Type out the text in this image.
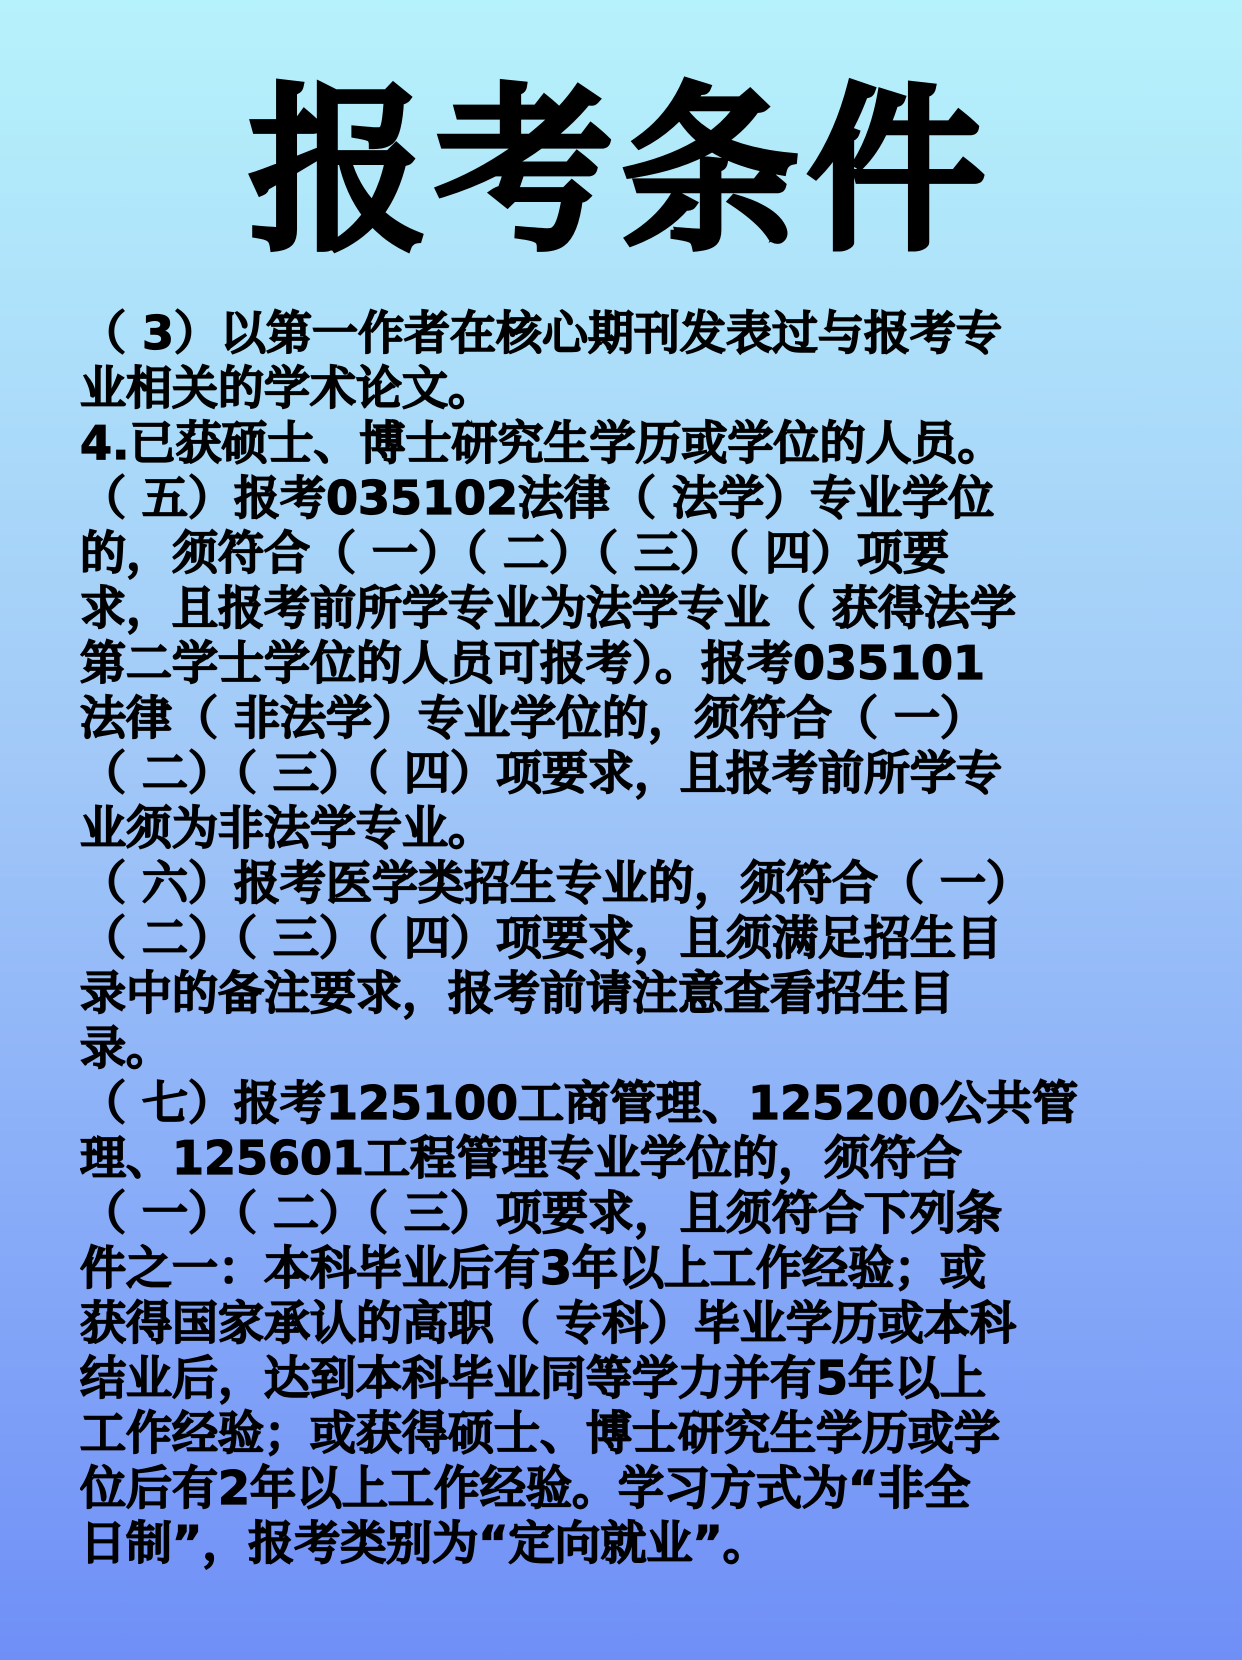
报考条件
（ 3）以第一作者在核心期刊发表过与报考专
业相关的学术论文。
4.已获硕士、博士研究生学历或学位的人员。
（ 五）报考035102法律（ 法学）专业学位
的，须符合（ 一）（ 二）（ 三）（ 四）项要
求，且报考前所学专业为法学专业（ 获得法学
第二学士学位的人员可报考）。报考035101
法律（ 非法学）专业学位的，须符合（ 一）
（ 二）（ 三）（ 四）项要求，且报考前所学专
业须为非法学专业。
（ 六）报考医学类招生专业的，须符合（ 一）
（ 二）（ 三）（ 四）项要求，且须满足招生目
录中的备注要求，报考前请注意查看招生目
录。
（ 七）报考125100工商管理、125200公共管
理、125601工程管理专业学位的，须符合
（ 一）（ 二）（ 三）项要求，且须符合下列条
件之一：本科毕业后有3年以上工作经验；或
获得国家承认的高职（ 专科）毕业学历或本科
结业后，达到本科毕业同等学力并有5年以上
工作经验；或获得硕士、博士研究生学历或学
位后有2年以上工作经验。学习方式为“非全
日制”，报考类别为“定向就业”。
